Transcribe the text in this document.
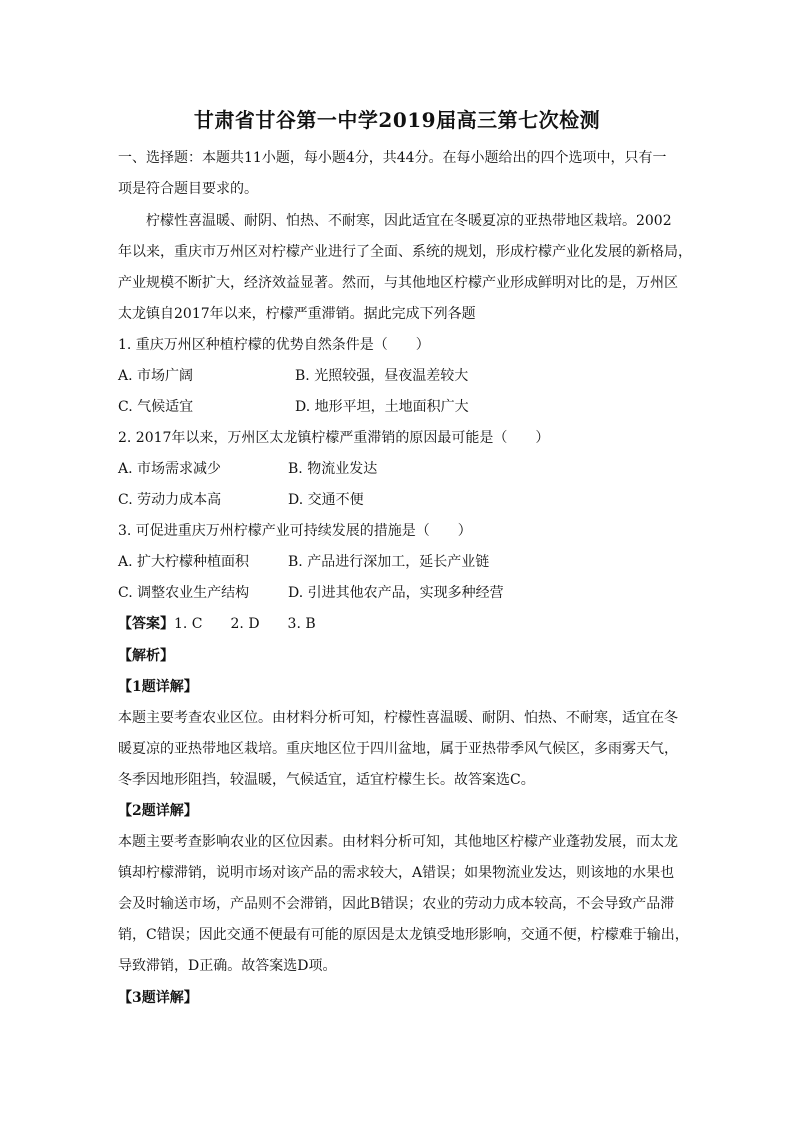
甘肃省甘谷第一中学2019届高三第七次检测
一、选择题：本题共11小题，每小题4分，共44分。在每小题给出的四个选项中，只有一
项是符合题目要求的。
柠檬性喜温暖、耐阴、怕热、不耐寒，因此适宜在冬暖夏凉的亚热带地区栽培。2002
年以来，重庆市万州区对柠檬产业进行了全面、系统的规划，形成柠檬产业化发展的新格局，
产业规模不断扩大，经济效益显著。然而，与其他地区柠檬产业形成鲜明对比的是，万州区
太龙镇自2017年以来，柠檬严重滞销。据此完成下列各题
1. 重庆万州区种植柠檬的优势自然条件是（　　）
A. 市场广阔	B. 光照较强，昼夜温差较大
C. 气候适宜	D. 地形平坦，土地面积广大
2. 2017年以来，万州区太龙镇柠檬严重滞销的原因最可能是（　　）
A. 市场需求减少	B. 物流业发达
C. 劳动力成本高	D. 交通不便
3. 可促进重庆万州柠檬产业可持续发展的措施是（　　）
A. 扩大柠檬种植面积	B. 产品进行深加工，延长产业链
C. 调整农业生产结构	D. 引进其他农产品，实现多种经营
【答案】1. C　　2. D　　3. B
【解析】
【1题详解】
本题主要考查农业区位。由材料分析可知，柠檬性喜温暖、耐阴、怕热、不耐寒，适宜在冬
暖夏凉的亚热带地区栽培。重庆地区位于四川盆地，属于亚热带季风气候区，多雨雾天气，
冬季因地形阻挡，较温暖，气候适宜，适宜柠檬生长。故答案选C。
【2题详解】
本题主要考查影响农业的区位因素。由材料分析可知，其他地区柠檬产业蓬勃发展，而太龙
镇却柠檬滞销，说明市场对该产品的需求较大，A错误；如果物流业发达，则该地的水果也
会及时输送市场，产品则不会滞销，因此B错误；农业的劳动力成本较高，不会导致产品滞
销，C错误；因此交通不便最有可能的原因是太龙镇受地形影响，交通不便，柠檬难于输出，
导致滞销，D正确。故答案选D项。
【3题详解】
